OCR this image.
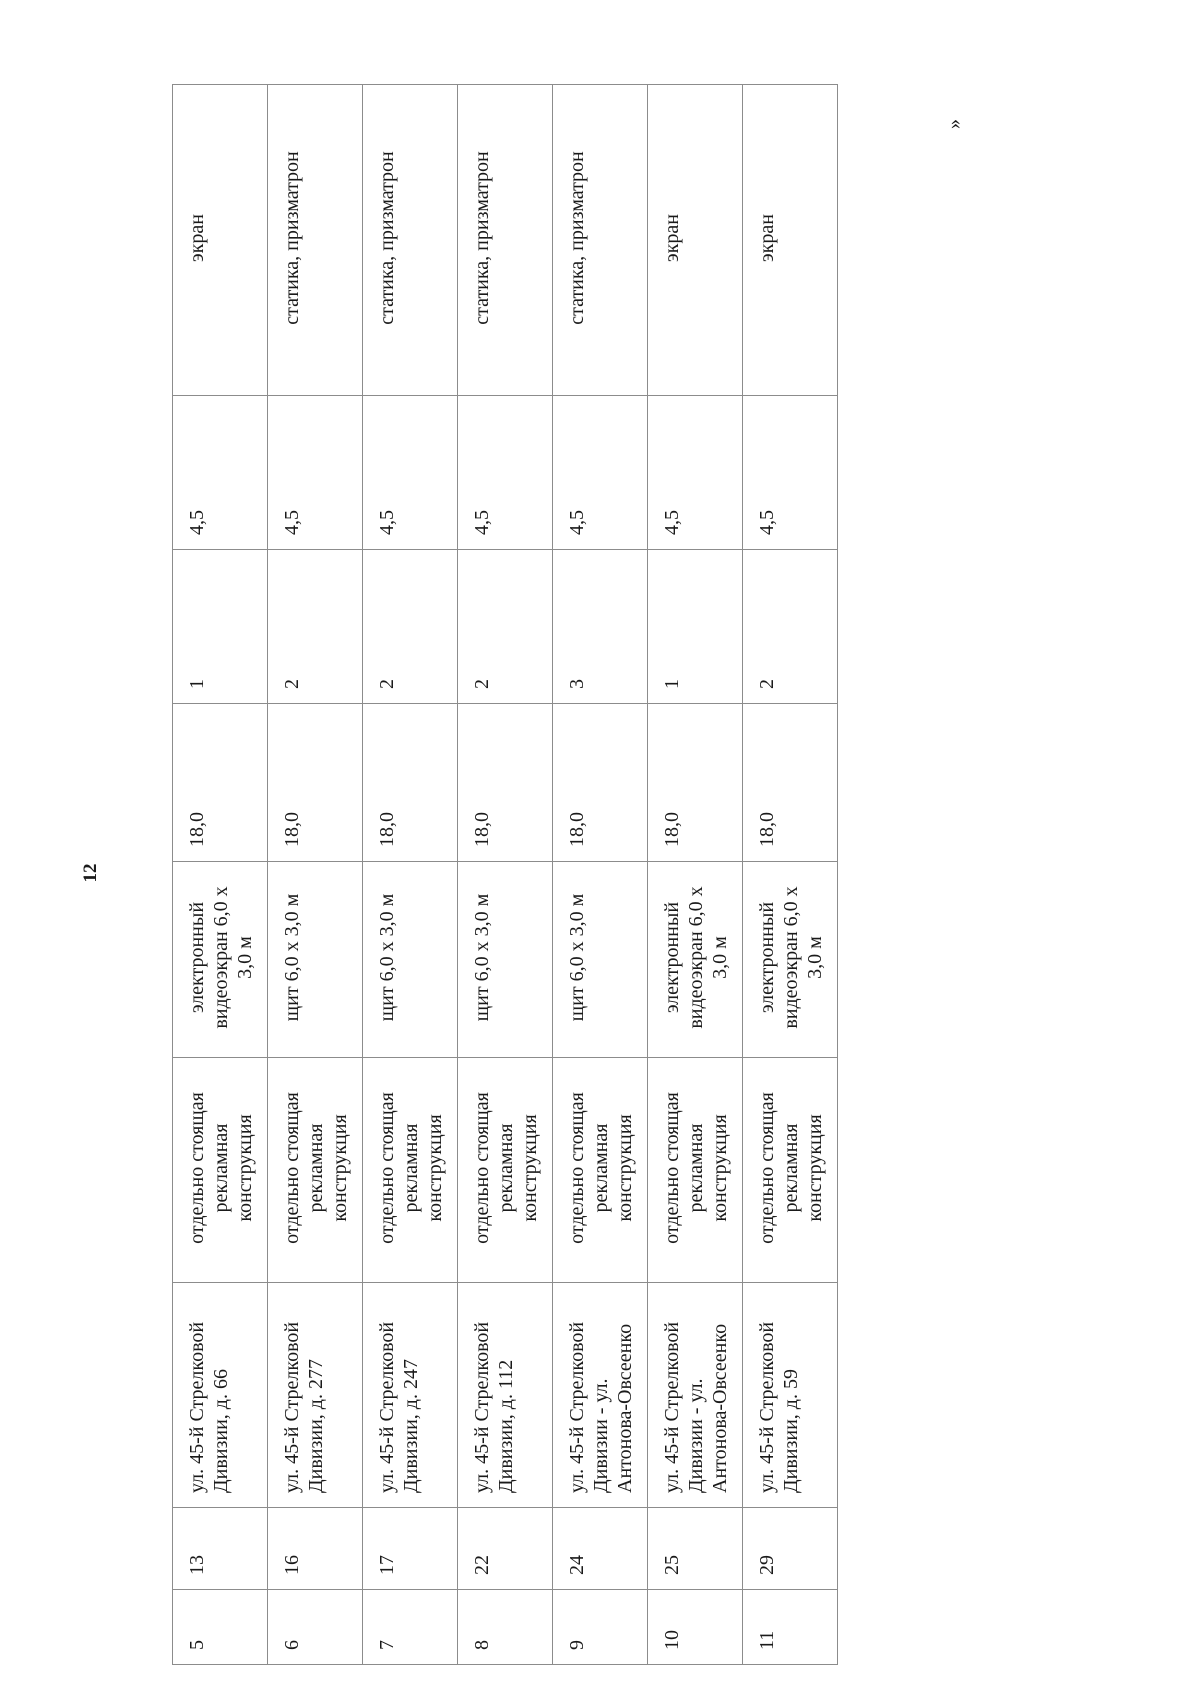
12
5	13	ул. 45-й Стрелковой Дивизии, д. 66	отдельно стоящая рекламная конструкция	электронный видеоэкран 6,0 х 3,0 м	18,0	1	4,5	экран
6	16	ул. 45-й Стрелковой Дивизии, д. 277	отдельно стоящая рекламная конструкция	щит 6,0 х 3,0 м	18,0	2	4,5	статика, призматрон
7	17	ул. 45-й Стрелковой Дивизии, д. 247	отдельно стоящая рекламная конструкция	щит 6,0 х 3,0 м	18,0	2	4,5	статика, призматрон
8	22	ул. 45-й Стрелковой Дивизии, д. 112	отдельно стоящая рекламная конструкция	щит 6,0 х 3,0 м	18,0	2	4,5	статика, призматрон
9	24	ул. 45-й Стрелковой Дивизии - ул. Антонова-Овсеенко	отдельно стоящая рекламная конструкция	щит 6,0 х 3,0 м	18,0	3	4,5	статика, призматрон
10	25	ул. 45-й Стрелковой Дивизии - ул. Антонова-Овсеенко	отдельно стоящая рекламная конструкция	электронный видеоэкран 6,0 х 3,0 м	18,0	1	4,5	экран
11	29	ул. 45-й Стрелковой Дивизии, д. 59	отдельно стоящая рекламная конструкция	электронный видеоэкран 6,0 х 3,0 м	18,0	2	4,5	экран
»
